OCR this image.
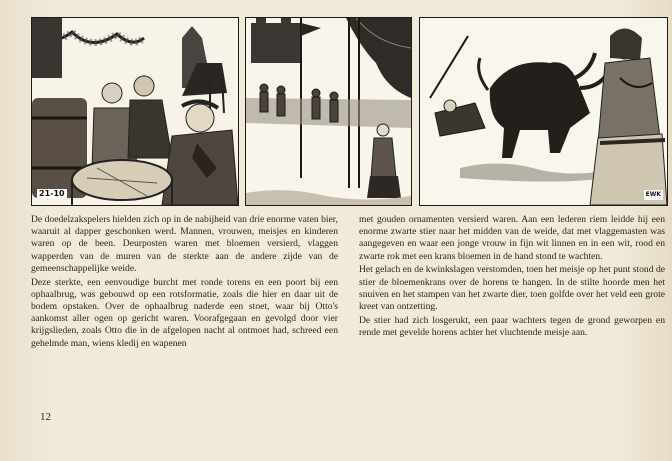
21-10	EWK

De doedelzakspelers hielden zich op in de nabijheid van drie enorme vaten bier, waaruit al dapper geschonken werd. Mannen, vrouwen, meisjes en kinderen waren op de been. Deurposten waren met bloemen versierd, vlaggen wapperden van de muren van de sterkte aan de andere zijde van de gemeenschappelijke weide.

Deze sterkte, een eenvoudige burcht met ronde torens en een poort bij een ophaalbrug, was gebouwd op een rotsformatie, zoals die hier en daar uit de bodem opstaken. Over de ophaalbrug naderde een stoet, waar bij Otto's aankomst aller ogen op gericht waren. Voorafgegaan en gevolgd door vier krijgslieden, zoals Otto die in de afgelopen nacht al ontmoet had, schreed een gehelmde man, wiens kledij en wapenen

met gouden ornamenten versierd waren. Aan een lederen riem leidde hij een enorme zwarte stier naar het midden van de weide, dat met vlaggemasten was aangegeven en waar een jonge vrouw in fijn wit linnen en in een wit, rood en zwarte rok met een krans bloemen in de hand stond te wachten.

Het gelach en de kwinkslagen verstomden, toen het meisje op het punt stond de stier de bloemenkrans over de horens te hangen. In de stilte hoorde men het snuiven en het stampen van het zwarte dier, toen golfde over het veld een grote kreet van ontzetting.

De stier had zich losgerukt, een paar wachters tegen de grond geworpen en rende met gevelde horens achter het vluchtende meisje aan.

12
